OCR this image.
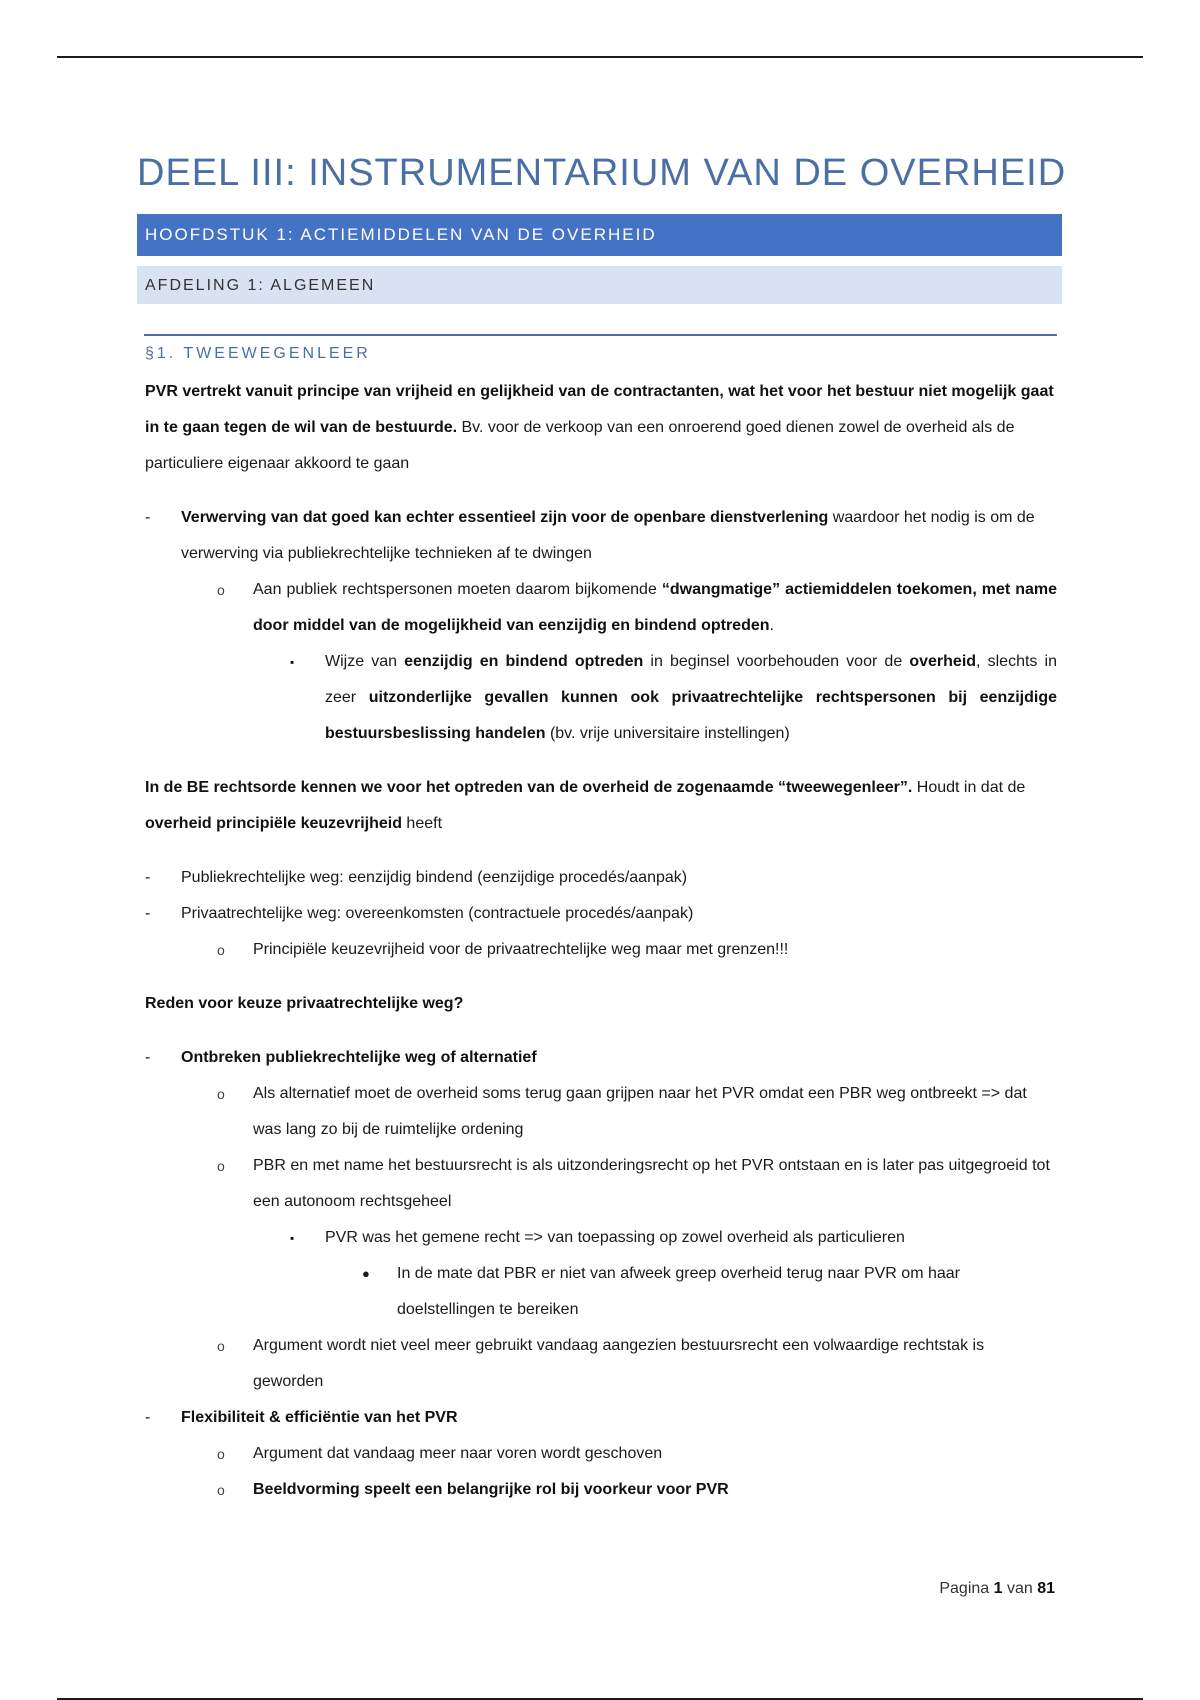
DEEL III: INSTRUMENTARIUM VAN DE OVERHEID
HOOFDSTUK 1: ACTIEMIDDELEN VAN DE OVERHEID
AFDELING 1: ALGEMEEN
§1. TWEEWEGENLEER

PVR vertrekt vanuit principe van vrijheid en gelijkheid van de contractanten, wat het voor het bestuur niet mogelijk gaat in te gaan tegen de wil van de bestuurde. Bv. voor de verkoop van een onroerend goed dienen zowel de overheid als de particuliere eigenaar akkoord te gaan

-	Verwerving van dat goed kan echter essentieel zijn voor de openbare dienstverlening waardoor het nodig is om de verwerving via publiekrechtelijke technieken af te dwingen
o	Aan publiek rechtspersonen moeten daarom bijkomende “dwangmatige” actiemiddelen toekomen, met name door middel van de mogelijkheid van eenzijdig en bindend optreden.
▪	Wijze van eenzijdig en bindend optreden in beginsel voorbehouden voor de overheid, slechts in zeer uitzonderlijke gevallen kunnen ook privaatrechtelijke rechtspersonen bij eenzijdige bestuursbeslissing handelen (bv. vrije universitaire instellingen)

In de BE rechtsorde kennen we voor het optreden van de overheid de zogenaamde “tweewegenleer”. Houdt in dat de overheid principiële keuzevrijheid heeft

-	Publiekrechtelijke weg: eenzijdig bindend (eenzijdige procedés/aanpak)
-	Privaatrechtelijke weg: overeenkomsten (contractuele procedés/aanpak)
o	Principiële keuzevrijheid voor de privaatrechtelijke weg maar met grenzen!!!

Reden voor keuze privaatrechtelijke weg?

-	Ontbreken publiekrechtelijke weg of alternatief
o	Als alternatief moet de overheid soms terug gaan grijpen naar het PVR omdat een PBR weg ontbreekt => dat was lang zo bij de ruimtelijke ordening
o	PBR en met name het bestuursrecht is als uitzonderingsrecht op het PVR ontstaan en is later pas uitgegroeid tot een autonoom rechtsgeheel
▪	PVR was het gemene recht => van toepassing op zowel overheid als particulieren
●	In de mate dat PBR er niet van afweek greep overheid terug naar PVR om haar doelstellingen te bereiken
o	Argument wordt niet veel meer gebruikt vandaag aangezien bestuursrecht een volwaardige rechtstak is geworden
-	Flexibiliteit & efficiëntie van het PVR
o	Argument dat vandaag meer naar voren wordt geschoven
o	Beeldvorming speelt een belangrijke rol bij voorkeur voor PVR
Pagina 1 van 81
